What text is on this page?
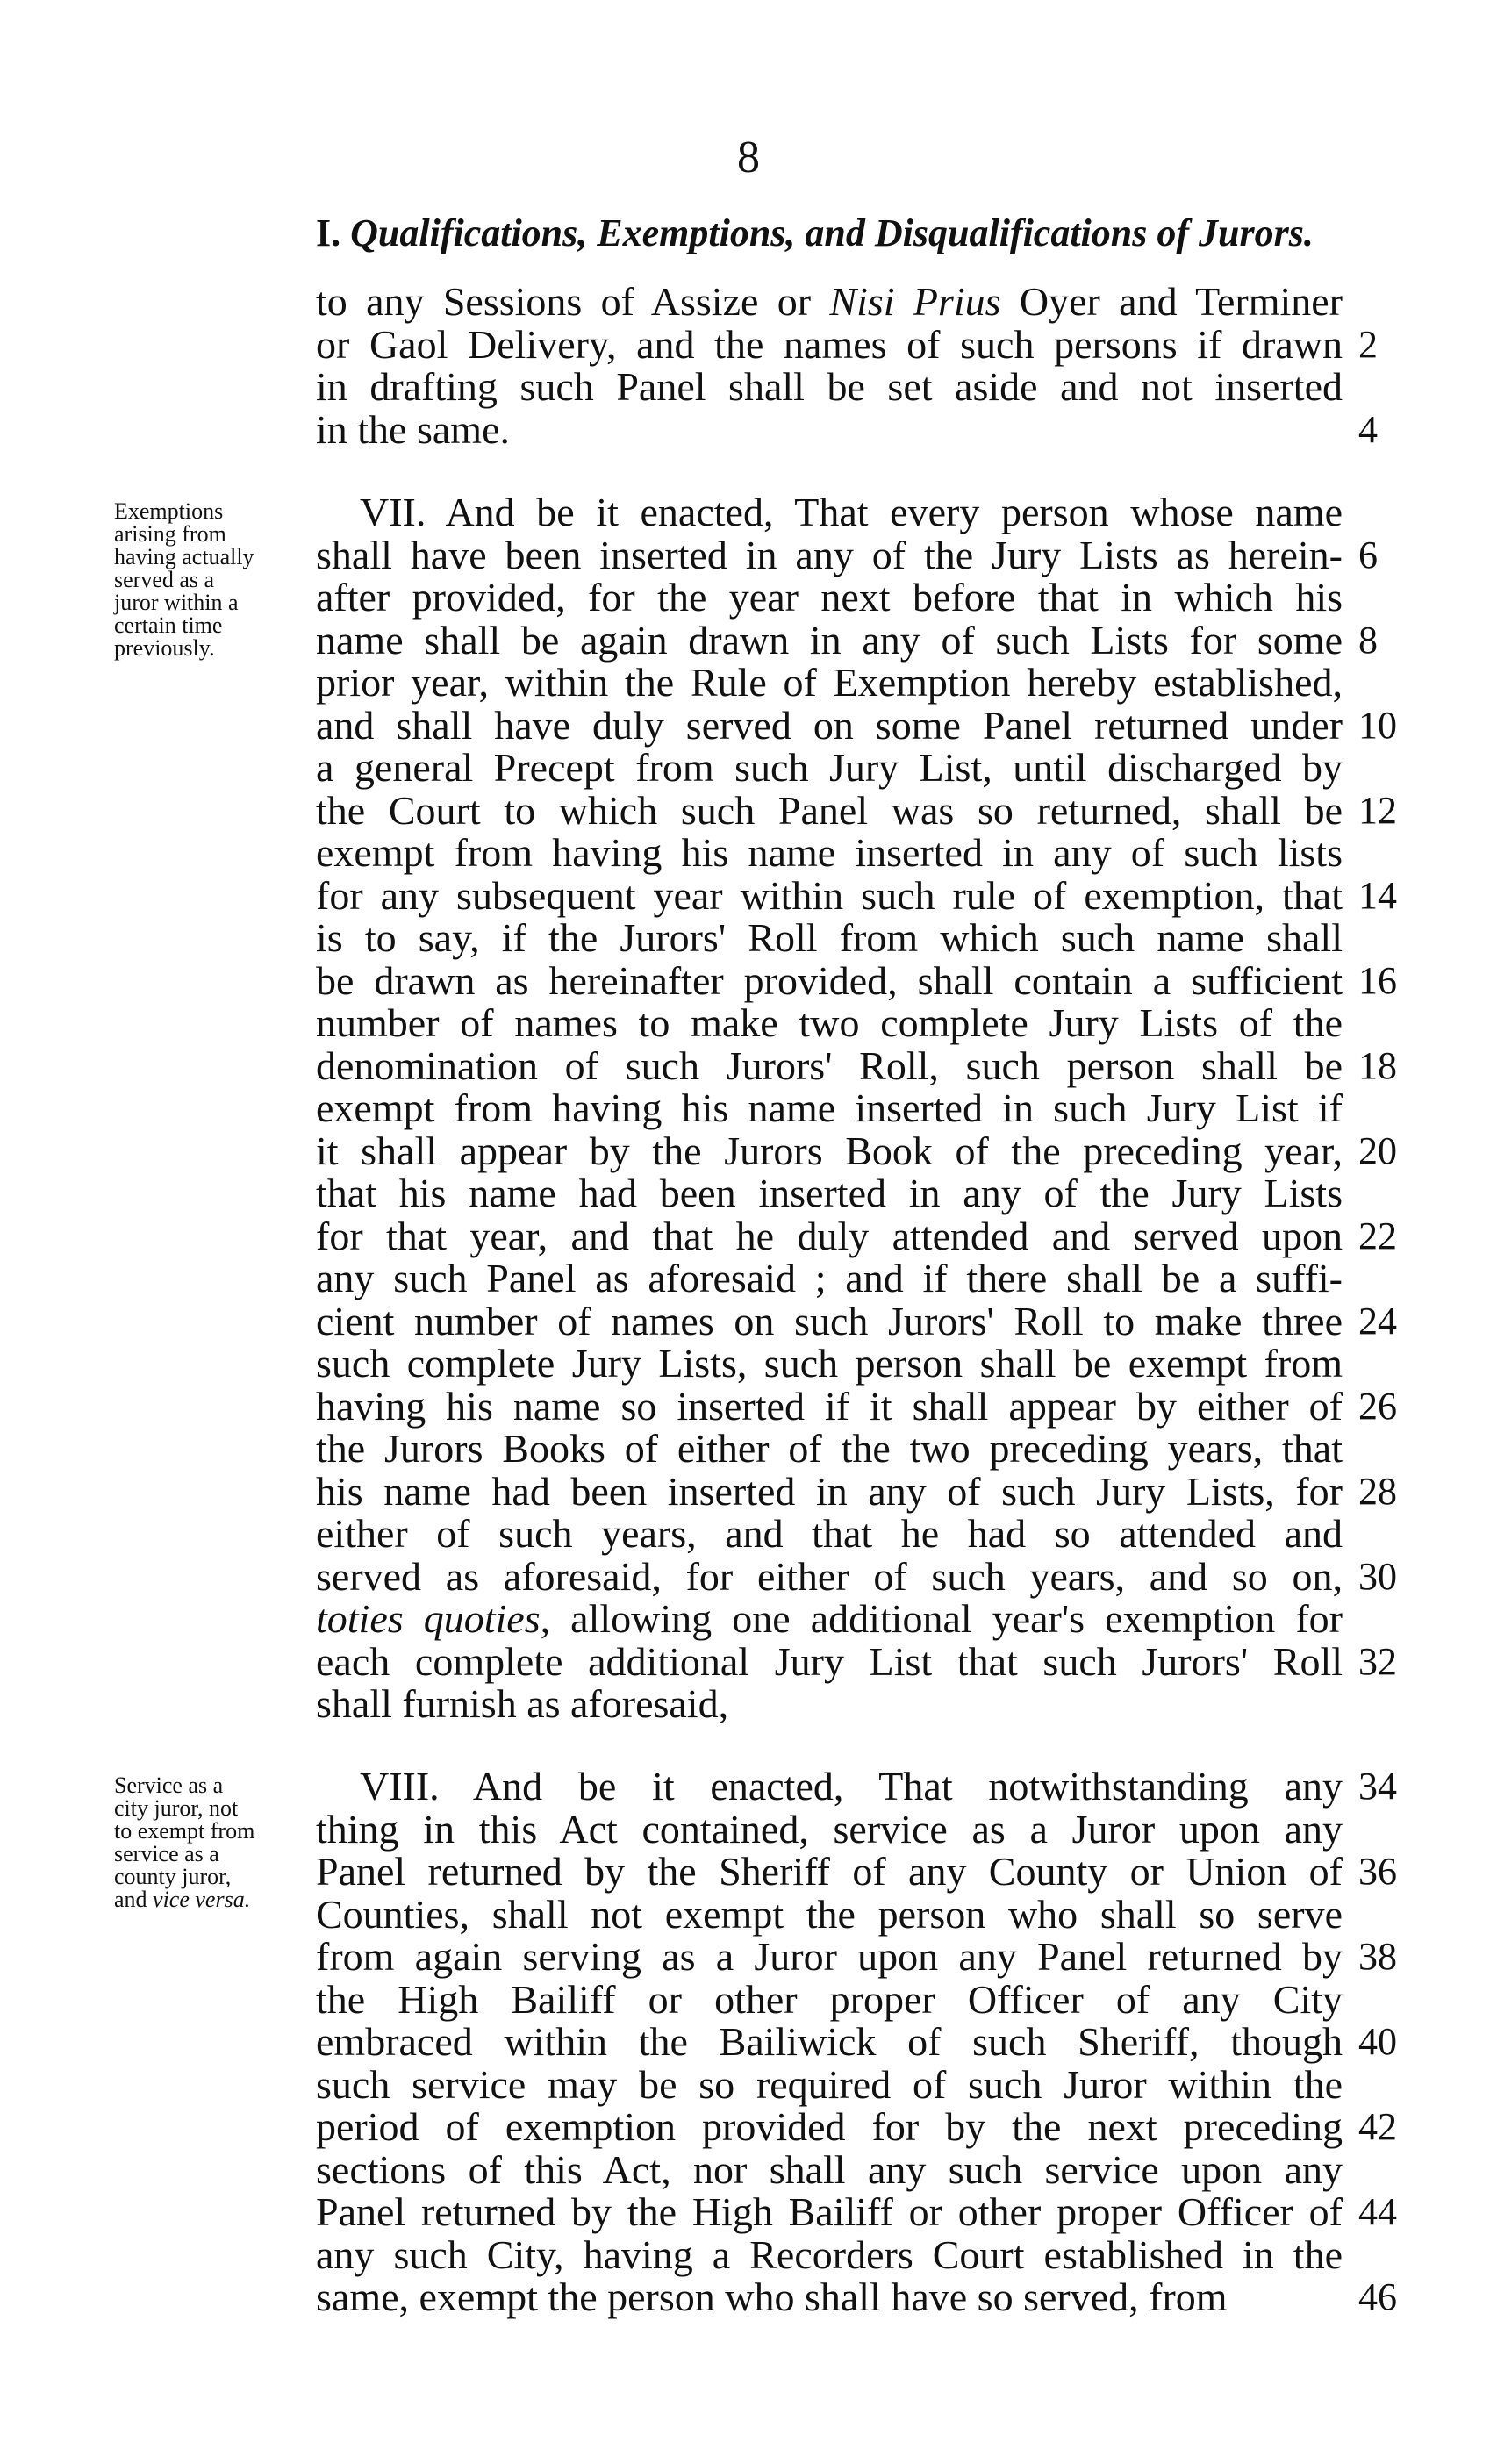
8
I. Qualifications, Exemptions, and Disqualifications of Jurors.
to any Sessions of Assize or Nisi Prius Oyer and Terminer
or Gaol Delivery, and the names of such persons if drawn 2
in drafting such Panel shall be set aside and not inserted
in the same.	4
Exemptions
arising from
having actually
served as a
juror within a
certain time
previously.
VII. And be it enacted, That every person whose name
shall have been inserted in any of the Jury Lists as herein- 6
after provided, for the year next before that in which his
name shall be again drawn in any of such Lists for some 8
prior year, within the Rule of Exemption hereby established,
and shall have duly served on some Panel returned under 10
a general Precept from such Jury List, until discharged by
the Court to which such Panel was so returned, shall be 12
exempt from having his name inserted in any of such lists
for any subsequent year within such rule of exemption, that 14
is to say, if the Jurors' Roll from which such name shall
be drawn as hereinafter provided, shall contain a sufficient 16
number of names to make two complete Jury Lists of the
denomination of such Jurors' Roll, such person shall be 18
exempt from having his name inserted in such Jury List if
it shall appear by the Jurors Book of the preceding year, 20
that his name had been inserted in any of the Jury Lists
for that year, and that he duly attended and served upon 22
any such Panel as aforesaid ; and if there shall be a suffi-
cient number of names on such Jurors' Roll to make three 24
such complete Jury Lists, such person shall be exempt from
having his name so inserted if it shall appear by either of 26
the Jurors Books of either of the two preceding years, that
his name had been inserted in any of such Jury Lists, for 28
either of such years, and that he had so attended and
served as aforesaid, for either of such years, and so on, 30
toties quoties, allowing one additional year's exemption for
each complete additional Jury List that such Jurors' Roll 32
shall furnish as aforesaid,
Service as a
city juror, not
to exempt from
service as a
county juror,
and vice versa.
VIII. And be it enacted, That notwithstanding any 34
thing in this Act contained, service as a Juror upon any
Panel returned by the Sheriff of any County or Union of 36
Counties, shall not exempt the person who shall so serve
from again serving as a Juror upon any Panel returned by 38
the High Bailiff or other proper Officer of any City
embraced within the Bailiwick of such Sheriff, though 40
such service may be so required of such Juror within the
period of exemption provided for by the next preceding 42
sections of this Act, nor shall any such service upon any
Panel returned by the High Bailiff or other proper Officer of 44
any such City, having a Recorders Court established in the
same, exempt the person who shall have so served, from	46
